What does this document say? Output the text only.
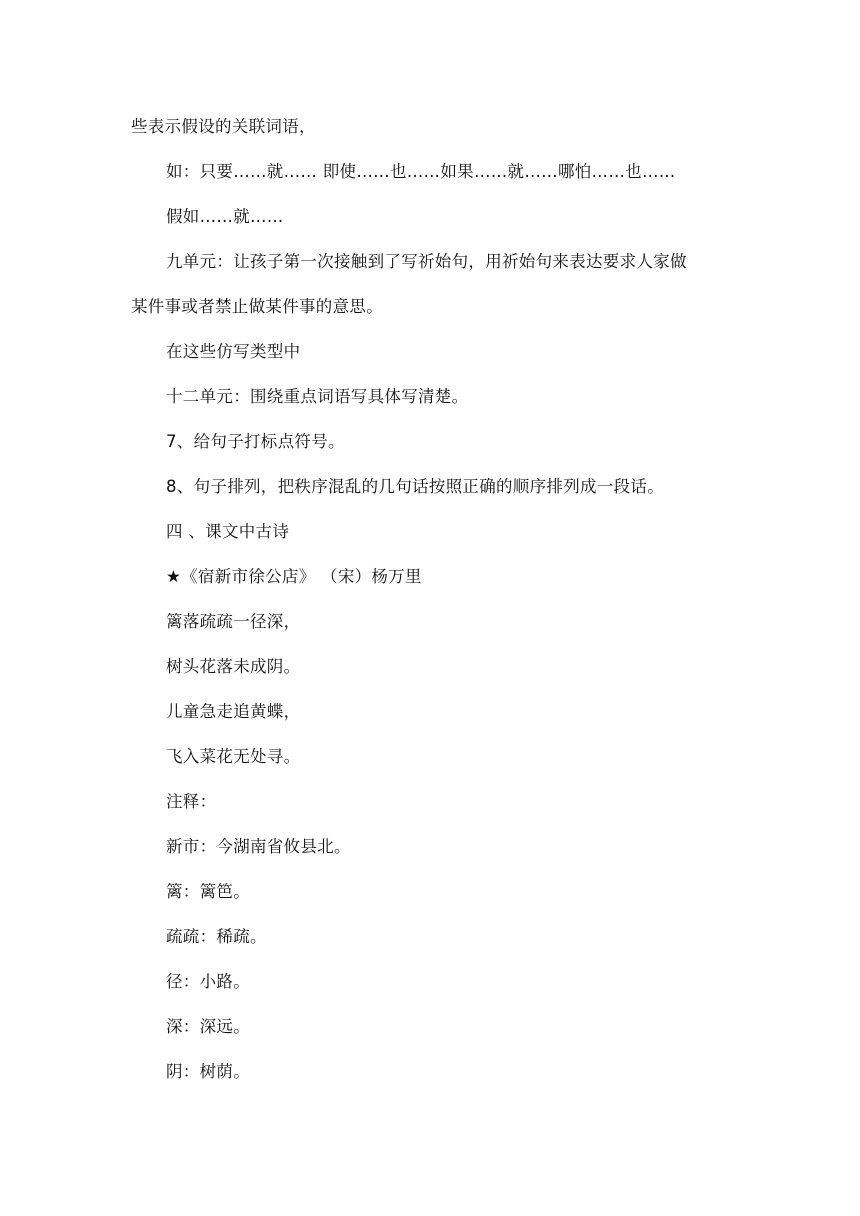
些表示假设的关联词语，
如：只要……就…… 即使……也……如果……就……哪怕……也……
假如……就……
九单元：让孩子第一次接触到了写祈始句，用祈始句来表达要求人家做
某件事或者禁止做某件事的意思。
在这些仿写类型中
十二单元：围绕重点词语写具体写清楚。
7、给句子打标点符号。
8、句子排列，把秩序混乱的几句话按照正确的顺序排列成一段话。
四 、课文中古诗
★《宿新市徐公店》 （宋）杨万里
篱落疏疏一径深，
树头花落未成阴。
儿童急走追黄蝶，
飞入菜花无处寻。
注释：
新市：今湖南省攸县北。
篱：篱笆。
疏疏：稀疏。
径：小路。
深：深远。
阴：树荫。
